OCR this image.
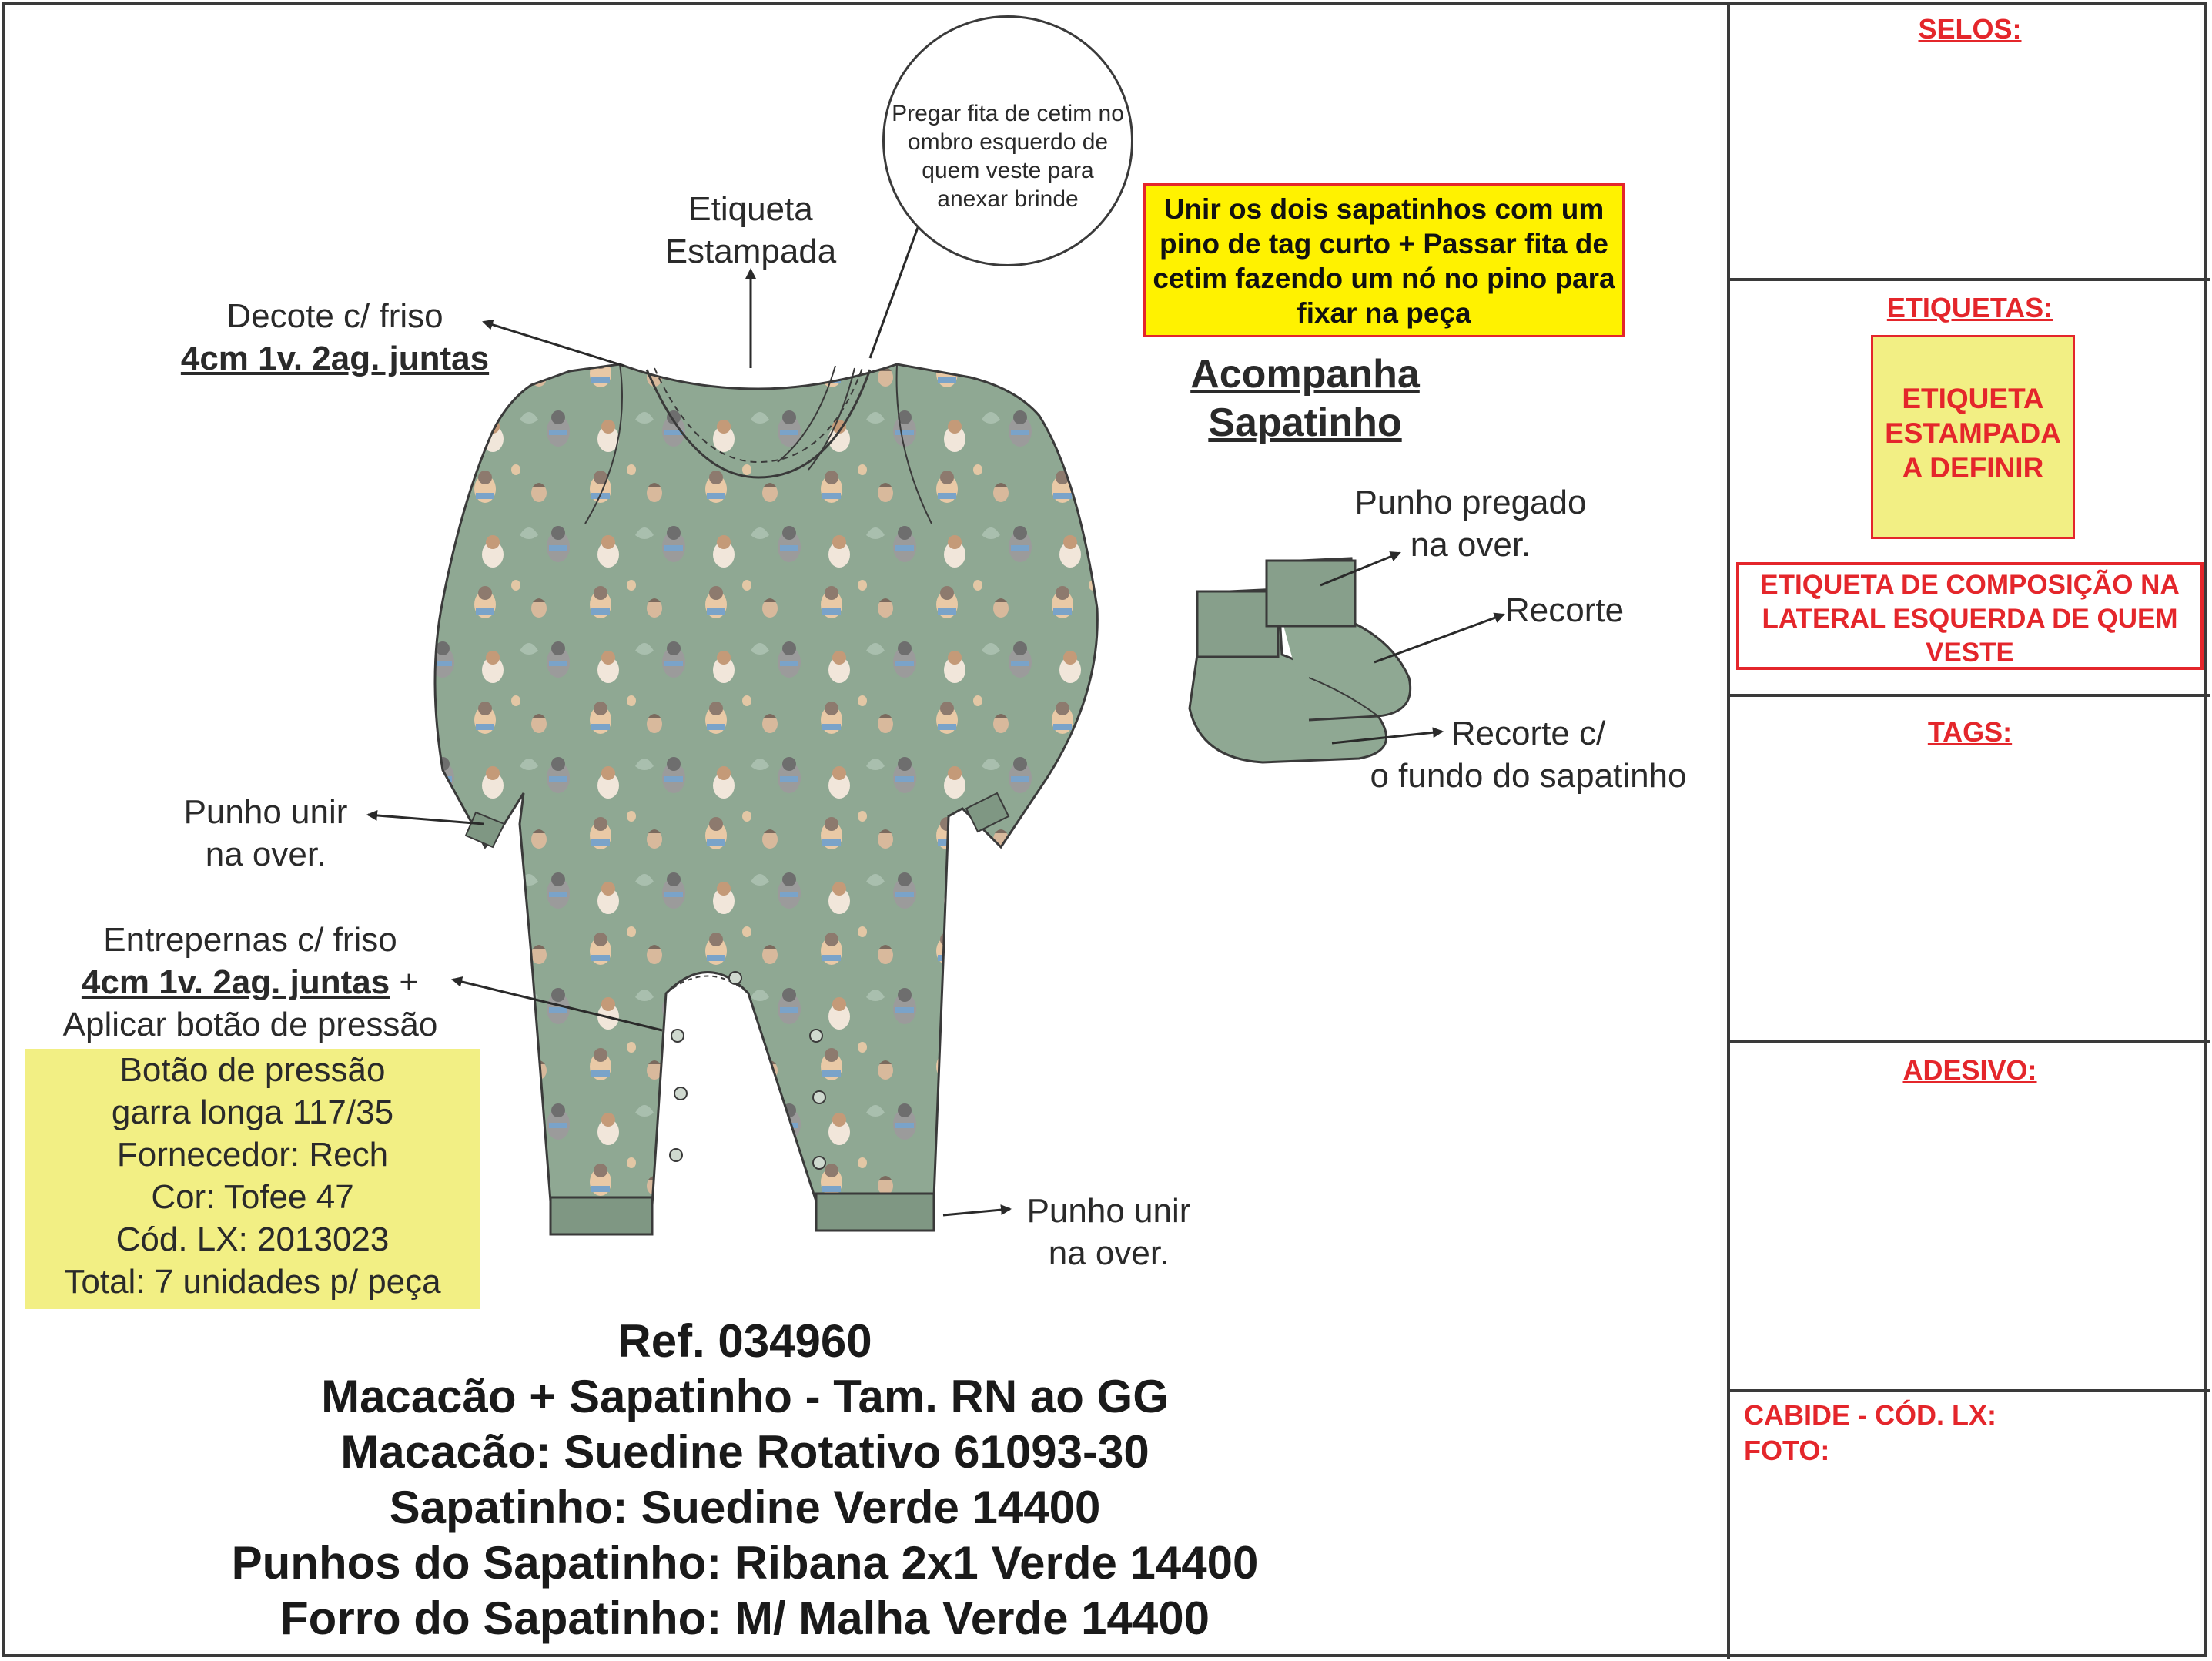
Pregar fita de cetim no ombro esquerdo de quem veste para anexar brinde
Etiqueta
Estampada
Decote c/ friso
4cm 1v. 2ag. juntas
Punho unir
na over.
Entrepernas c/ friso
4cm 1v. 2ag. juntas +
Aplicar botão de pressão
Botão de pressão
garra longa 117/35
Fornecedor: Rech
Cor: Tofee 47
Cód. LX: 2013023
Total: 7 unidades p/ peça
Punho unir
na over.
Unir os dois sapatinhos com um pino de tag curto + Passar fita de cetim fazendo um nó no pino para fixar na peça
Acompanha
Sapatinho
Punho pregado
na over.
Recorte
Recorte c/
o fundo do sapatinho
Ref. 034960
Macacão + Sapatinho - Tam. RN ao GG
Macacão: Suedine Rotativo 61093-30
Sapatinho: Suedine Verde 14400
Punhos do Sapatinho: Ribana 2x1 Verde 14400
Forro do Sapatinho: M/ Malha Verde 14400
SELOS:
ETIQUETAS:
ETIQUETA ESTAMPADA A DEFINIR
ETIQUETA DE COMPOSIÇÃO NA LATERAL ESQUERDA DE QUEM VESTE
TAGS:
ADESIVO:
CABIDE - CÓD. LX:
FOTO:
